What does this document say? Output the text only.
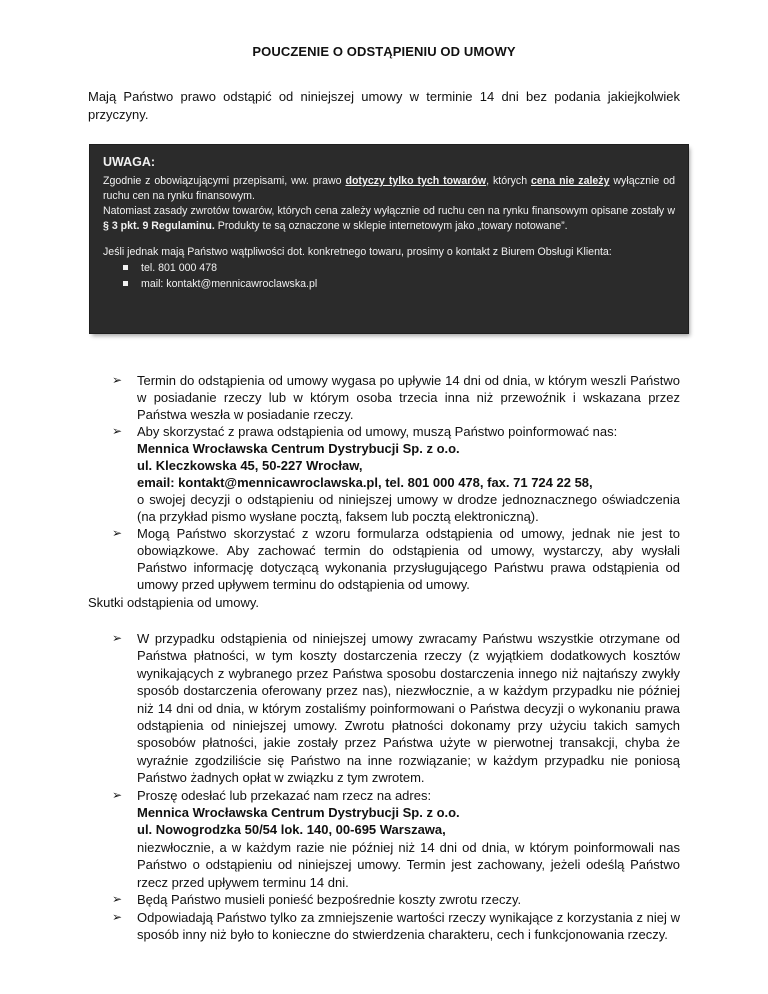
POUCZENIE O ODSTĄPIENIU OD UMOWY
Mają Państwo prawo odstąpić od niniejszej umowy w terminie 14 dni bez podania jakiejkolwiek przyczyny.
UWAGA:

Zgodnie z obowiązującymi przepisami, ww. prawo dotyczy tylko tych towarów, których cena nie zależy wyłącznie od ruchu cen na rynku finansowym.

Natomiast zasady zwrotów towarów, których cena zależy wyłącznie od ruchu cen na rynku finansowym opisane zostały w § 3 pkt. 9 Regulaminu. Produkty te są oznaczone w sklepie internetowym jako „towary notowane”.

Jeśli jednak mają Państwo wątpliwości dot. konkretnego towaru, prosimy o kontakt z Biurem Obsługi Klienta:

tel. 801 000 478
mail: kontakt@mennicawroclawska.pl
➢ Termin do odstąpienia od umowy wygasa po upływie 14 dni od dnia, w którym weszli Państwo w posiadanie rzeczy lub w którym osoba trzecia inna niż przewoźnik i wskazana przez Państwa weszła w posiadanie rzeczy.
➢ Aby skorzystać z prawa odstąpienia od umowy, muszą Państwo poinformować nas:
Mennica Wrocławska Centrum Dystrybucji Sp. z o.o.
ul. Kleczkowska 45, 50-227 Wrocław,
email: kontakt@mennicawroclawska.pl, tel. 801 000 478, fax. 71 724 22 58,
o swojej decyzji o odstąpieniu od niniejszej umowy w drodze jednoznacznego oświadczenia (na przykład pismo wysłane pocztą, faksem lub pocztą elektroniczną).
➢ Mogą Państwo skorzystać z wzoru formularza odstąpienia od umowy, jednak nie jest to obowiązkowe. Aby zachować termin do odstąpienia od umowy, wystarczy, aby wysłali Państwo informację dotyczącą wykonania przysługującego Państwu prawa odstąpienia od umowy przed upływem terminu do odstąpienia od umowy.
Skutki odstąpienia od umowy.
➢ W przypadku odstąpienia od niniejszej umowy zwracamy Państwu wszystkie otrzymane od Państwa płatności, w tym koszty dostarczenia rzeczy (z wyjątkiem dodatkowych kosztów wynikających z wybranego przez Państwa sposobu dostarczenia innego niż najtańszy zwykły sposób dostarczenia oferowany przez nas), niezwłocznie, a w każdym przypadku nie później niż 14 dni od dnia, w którym zostaliśmy poinformowani o Państwa decyzji o wykonaniu prawa odstąpienia od niniejszej umowy. Zwrotu płatności dokonamy przy użyciu takich samych sposobów płatności, jakie zostały przez Państwa użyte w pierwotnej transakcji, chyba że wyraźnie zgodziliście się Państwo na inne rozwiązanie; w każdym przypadku nie poniosą Państwo żadnych opłat w związku z tym zwrotem.
➢ Proszę odesłać lub przekazać nam rzecz na adres:
Mennica Wrocławska Centrum Dystrybucji Sp. z o.o.
ul. Nowogrodzka 50/54 lok. 140, 00-695 Warszawa,
niezwłocznie, a w każdym razie nie później niż 14 dni od dnia, w którym poinformowali nas Państwo o odstąpieniu od niniejszej umowy. Termin jest zachowany, jeżeli odeślą Państwo rzecz przed upływem terminu 14 dni.
➢ Będą Państwo musieli ponieść bezpośrednie koszty zwrotu rzeczy.
➢ Odpowiadają Państwo tylko za zmniejszenie wartości rzeczy wynikające z korzystania z niej w sposób inny niż było to konieczne do stwierdzenia charakteru, cech i funkcjonowania rzeczy.
